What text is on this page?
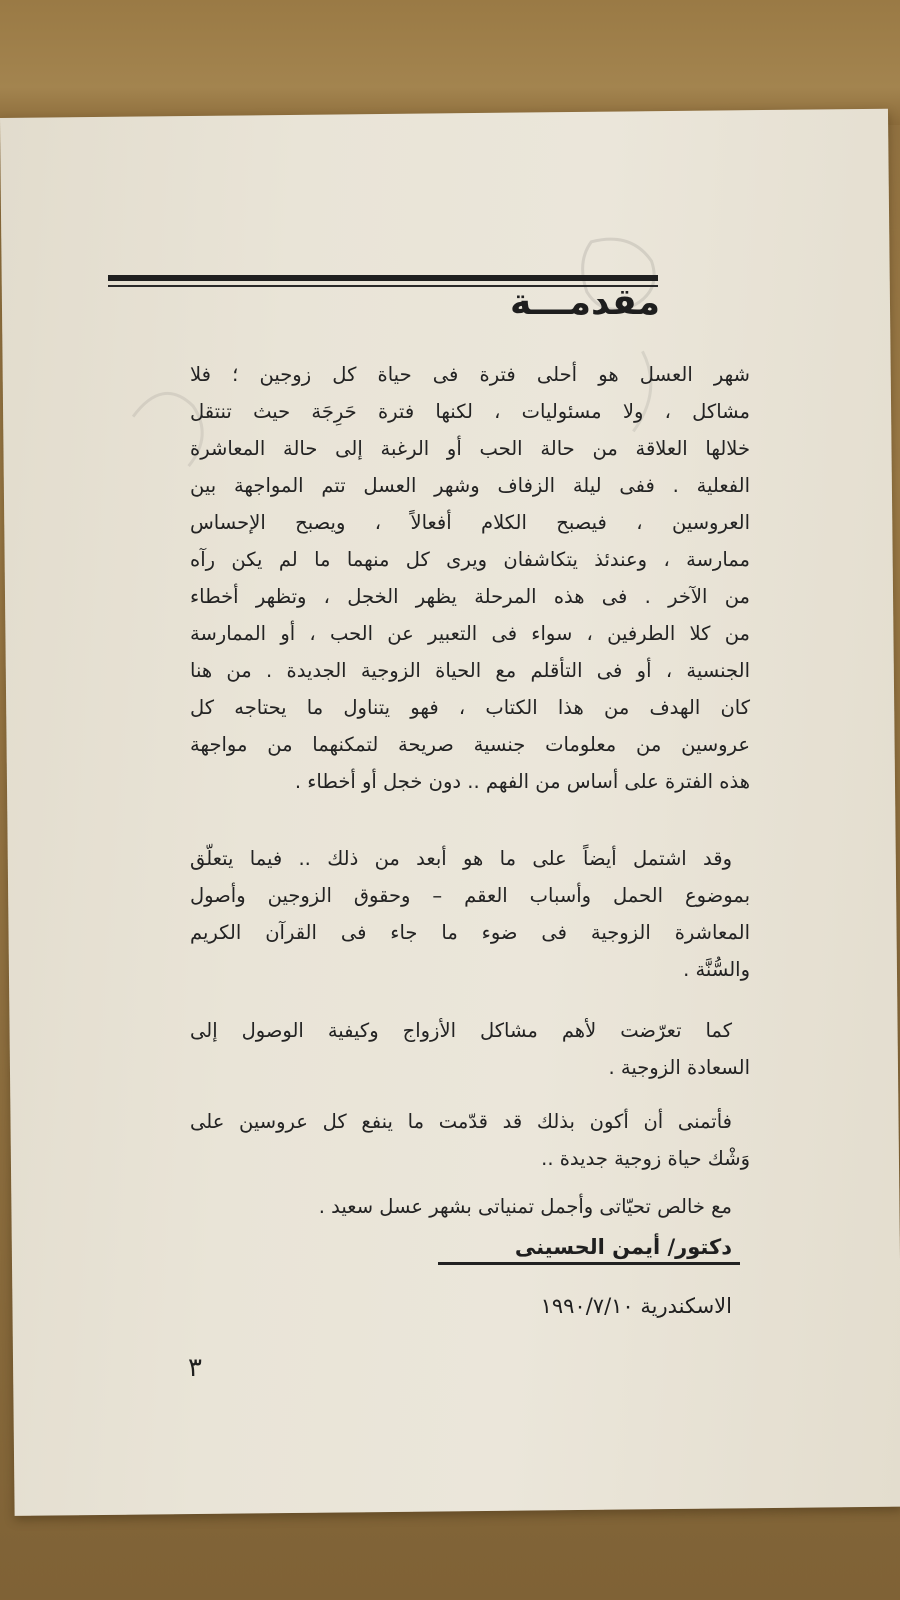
مقدمـــة
شهر العسل هو أحلى فترة فى حياة كل زوجين ؛ فلا
مشاكل ، ولا مسئوليات ، لكنها فترة حَرِجَة حيث تنتقل
خلالها العلاقة من حالة الحب أو الرغبة إلى حالة المعاشرة
الفعلية . ففى ليلة الزفاف وشهر العسل تتم المواجهة بين
العروسين ، فيصبح الكلام أفعالاً ، ويصبح الإحساس
ممارسة ، وعندئذ يتكاشفان ويرى كل منهما ما لم يكن رآه
من الآخر . فى هذه المرحلة يظهر الخجل ، وتظهر أخطاء
من كلا الطرفين ، سواء فى التعبير عن الحب ، أو الممارسة
الجنسية ، أو فى التأقلم مع الحياة الزوجية الجديدة . من هنا
كان الهدف من هذا الكتاب ، فهو يتناول ما يحتاجه كل
عروسين من معلومات جنسية صريحة لتمكنهما من مواجهة
هذه الفترة على أساس من الفهم .. دون خجل أو أخطاء .
وقد اشتمل أيضاً على ما هو أبعد من ذلك .. فيما يتعلّق
بموضوع الحمل وأسباب العقم – وحقوق الزوجين وأصول
المعاشرة الزوجية فى ضوء ما جاء فى القرآن الكريم
والسُّنَّة .
كما تعرّضت لأهم مشاكل الأزواج وكيفية الوصول إلى
السعادة الزوجية .
فأتمنى أن أكون بذلك قد قدّمت ما ينفع كل عروسين على
وَشْك حياة زوجية جديدة ..
مع خالص تحيّاتى وأجمل تمنياتى بشهر عسل سعيد .
دكتور/ أيمن الحسينى
الاسكندرية ١٩٩٠/٧/١٠
٣
